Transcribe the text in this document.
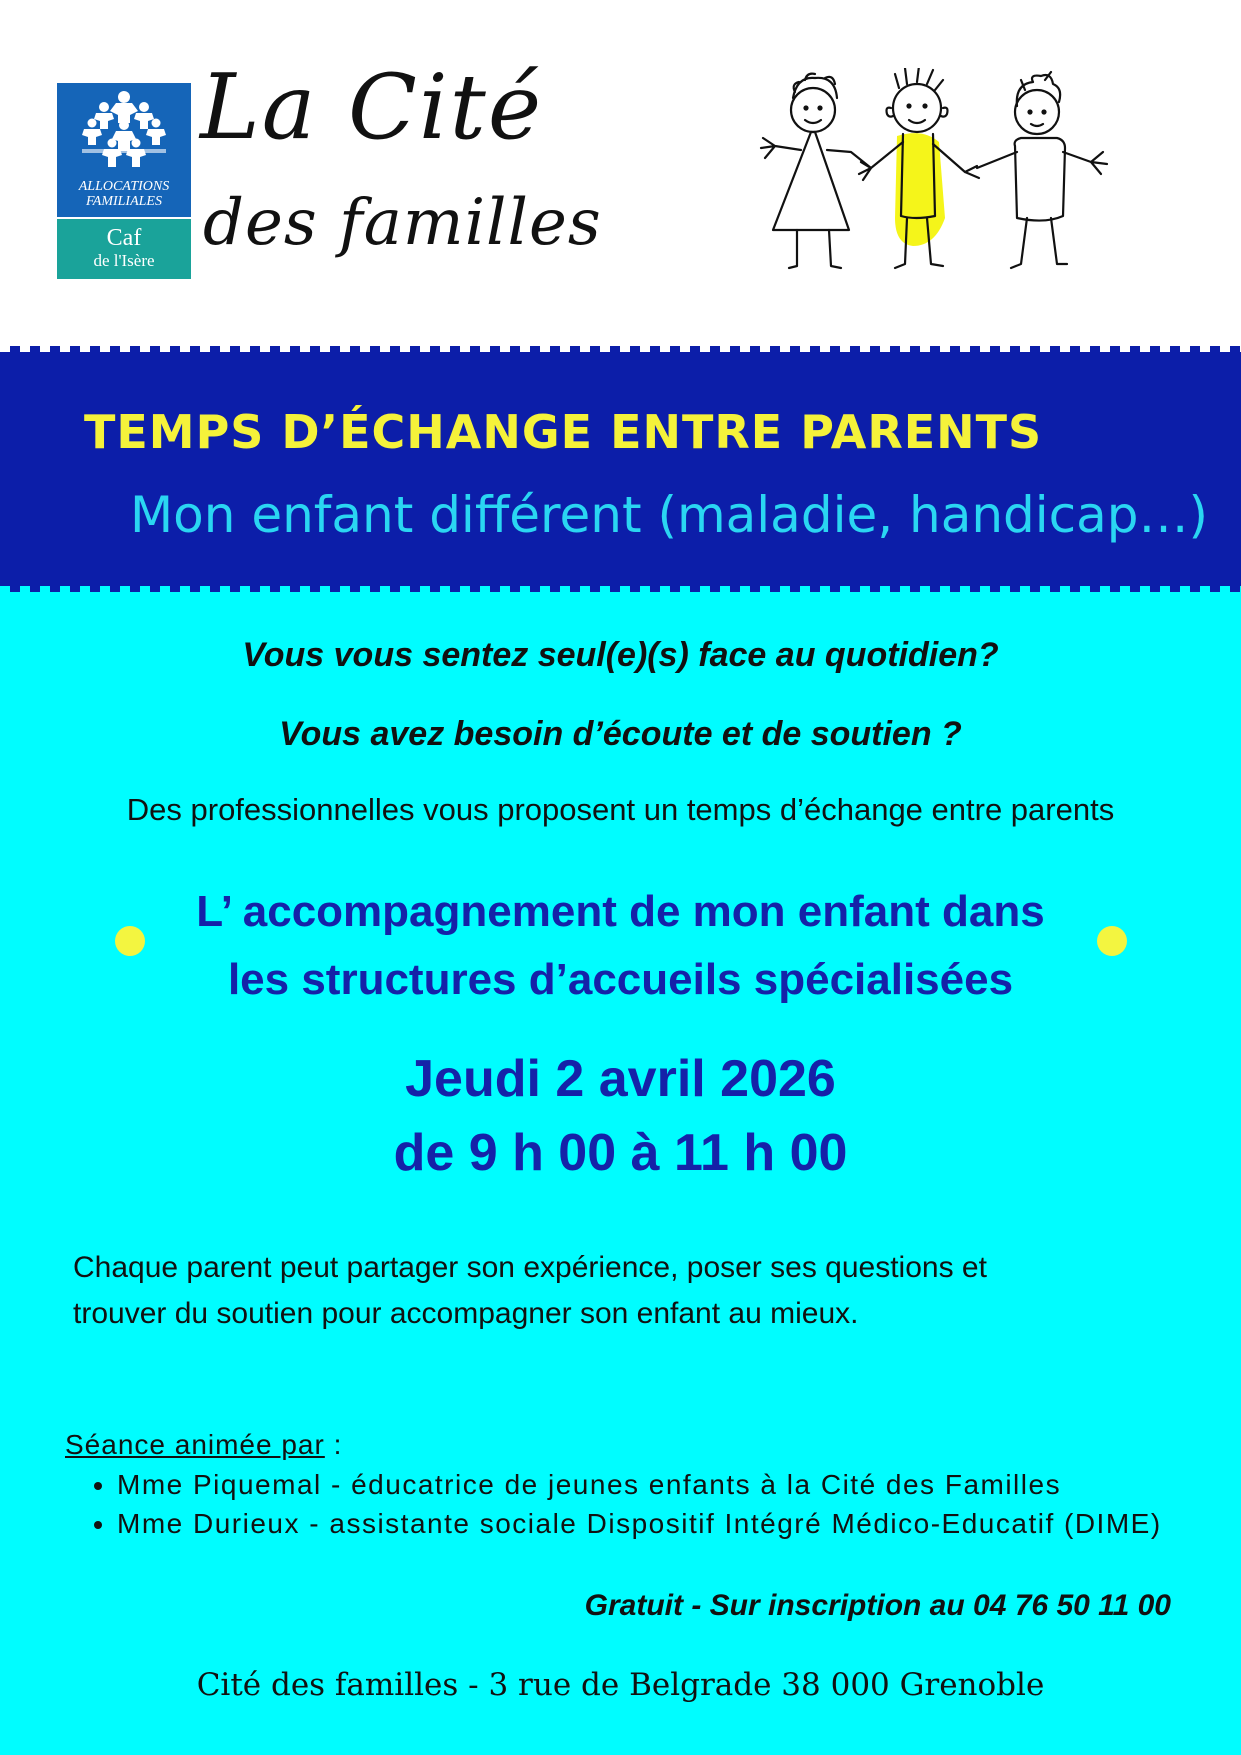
ALLOCATIONS
FAMILIALES
Caf
de l'Isère
La Cité
des familles
TEMPS D’ÉCHANGE ENTRE PARENTS
Mon enfant différent (maladie, handicap…)
Vous vous sentez seul(e)(s) face au quotidien?
Vous avez besoin d’écoute et de soutien ?
Des professionnelles vous proposent un temps d’échange entre parents
L’ accompagnement de mon enfant dans
les structures d’accueils spécialisées
Jeudi 2 avril 2026
de 9 h 00 à 11 h 00
Chaque parent peut partager son expérience, poser ses questions et
trouver du soutien pour accompagner son enfant au mieux.
Séance animée par :
• Mme Piquemal - éducatrice de jeunes enfants à la Cité des Familles
• Mme Durieux - assistante sociale Dispositif Intégré Médico-Educatif (DIME)
Gratuit - Sur inscription au 04 76 50 11 00
Cité des familles - 3 rue de Belgrade 38 000 Grenoble
